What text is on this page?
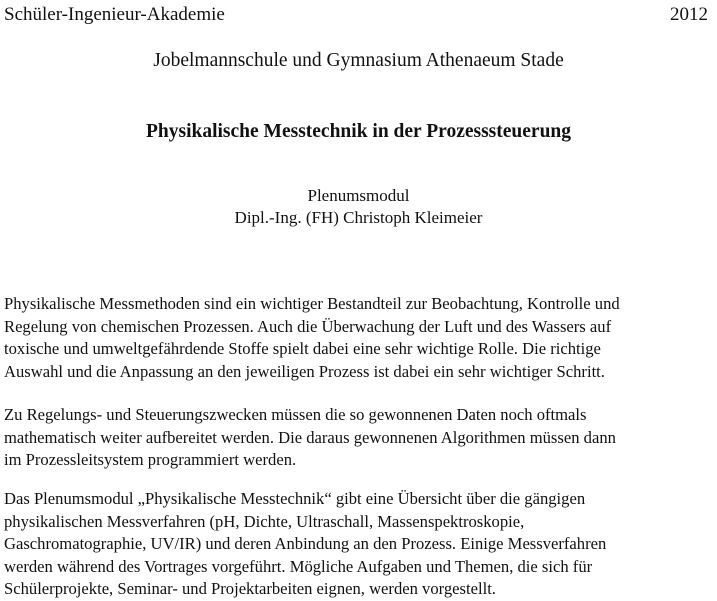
Schüler-Ingenieur-Akademie	2012
Jobelmannschule und Gymnasium Athenaeum Stade
Physikalische Messtechnik in der Prozesssteuerung
Plenumsmodul
Dipl.-Ing. (FH) Christoph Kleimeier
Physikalische Messmethoden sind ein wichtiger Bestandteil zur Beobachtung, Kontrolle und
Regelung von chemischen Prozessen. Auch die Überwachung der Luft und des Wassers auf
toxische und umweltgefährdende Stoffe spielt dabei eine sehr wichtige Rolle. Die richtige
Auswahl und die Anpassung an den jeweiligen Prozess ist dabei ein sehr wichtiger Schritt.
Zu Regelungs- und Steuerungszwecken müssen die so gewonnenen Daten noch oftmals
mathematisch weiter aufbereitet werden. Die daraus gewonnenen Algorithmen müssen dann
im Prozessleitsystem programmiert werden.
Das Plenumsmodul „Physikalische Messtechnik“ gibt eine Übersicht über die gängigen
physikalischen Messverfahren (pH, Dichte, Ultraschall, Massenspektroskopie,
Gaschromatographie, UV/IR) und deren Anbindung an den Prozess. Einige Messverfahren
werden während des Vortrages vorgeführt. Mögliche Aufgaben und Themen, die sich für
Schülerprojekte, Seminar- und Projektarbeiten eignen, werden vorgestellt.
